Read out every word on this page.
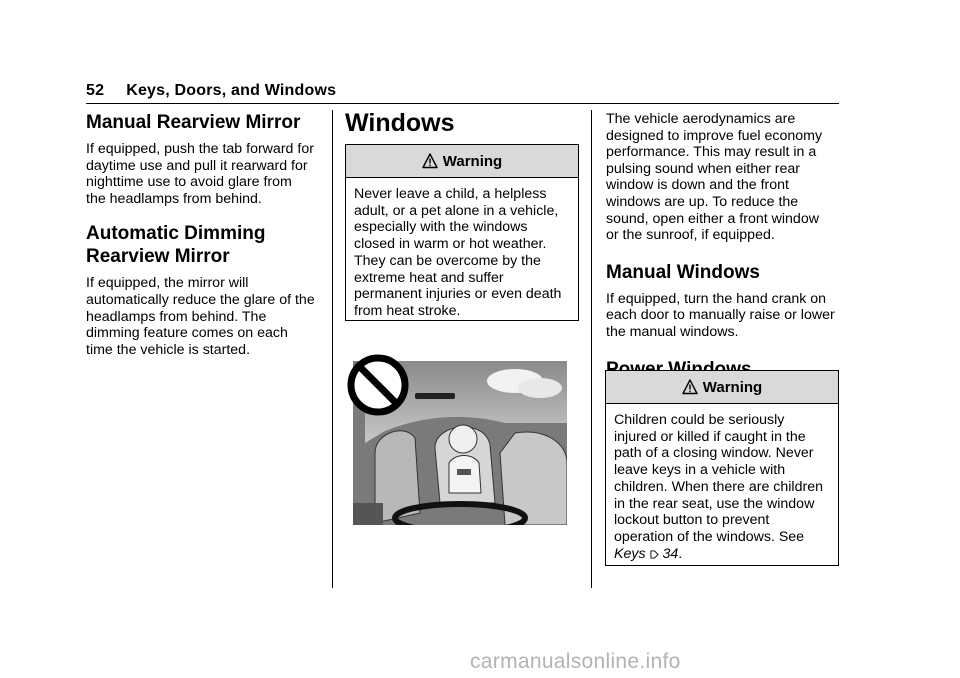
52 Keys, Doors, and Windows
Manual Rearview Mirror

If equipped, push the tab forward for

daytime use and pull it rearward for

nighttime use to avoid glare from

the headlamps from behind.

Automatic Dimming
Rearview Mirror

If equipped, the mirror will

automatically reduce the glare of the

headlamps from behind. The

dimming feature comes on each

time the vehicle is started.

Windows
Warning

Never leave a child, a helpless

adult, or a pet alone in a vehicle,

especially with the windows

closed in warm or hot weather.

They can be overcome by the

extreme heat and suffer

permanent injuries or even death

from heat stroke.

The vehicle aerodynamics are

designed to improve fuel economy

performance. This may result in a

pulsing sound when either rear

window is down and the front

windows are up. To reduce the

sound, open either a front window

or the sunroof, if equipped.

Manual Windows

If equipped, turn the hand crank on

each door to manually raise or lower

the manual windows.

Warning

Children could be seriously

injured or killed if caught in the

path of a closing window. Never

leave keys in a vehicle with

children. When there are children

in the rear seat, use the window

lockout button to prevent

operation of the windows. See

Keys 34.

carmanualsonline.info
